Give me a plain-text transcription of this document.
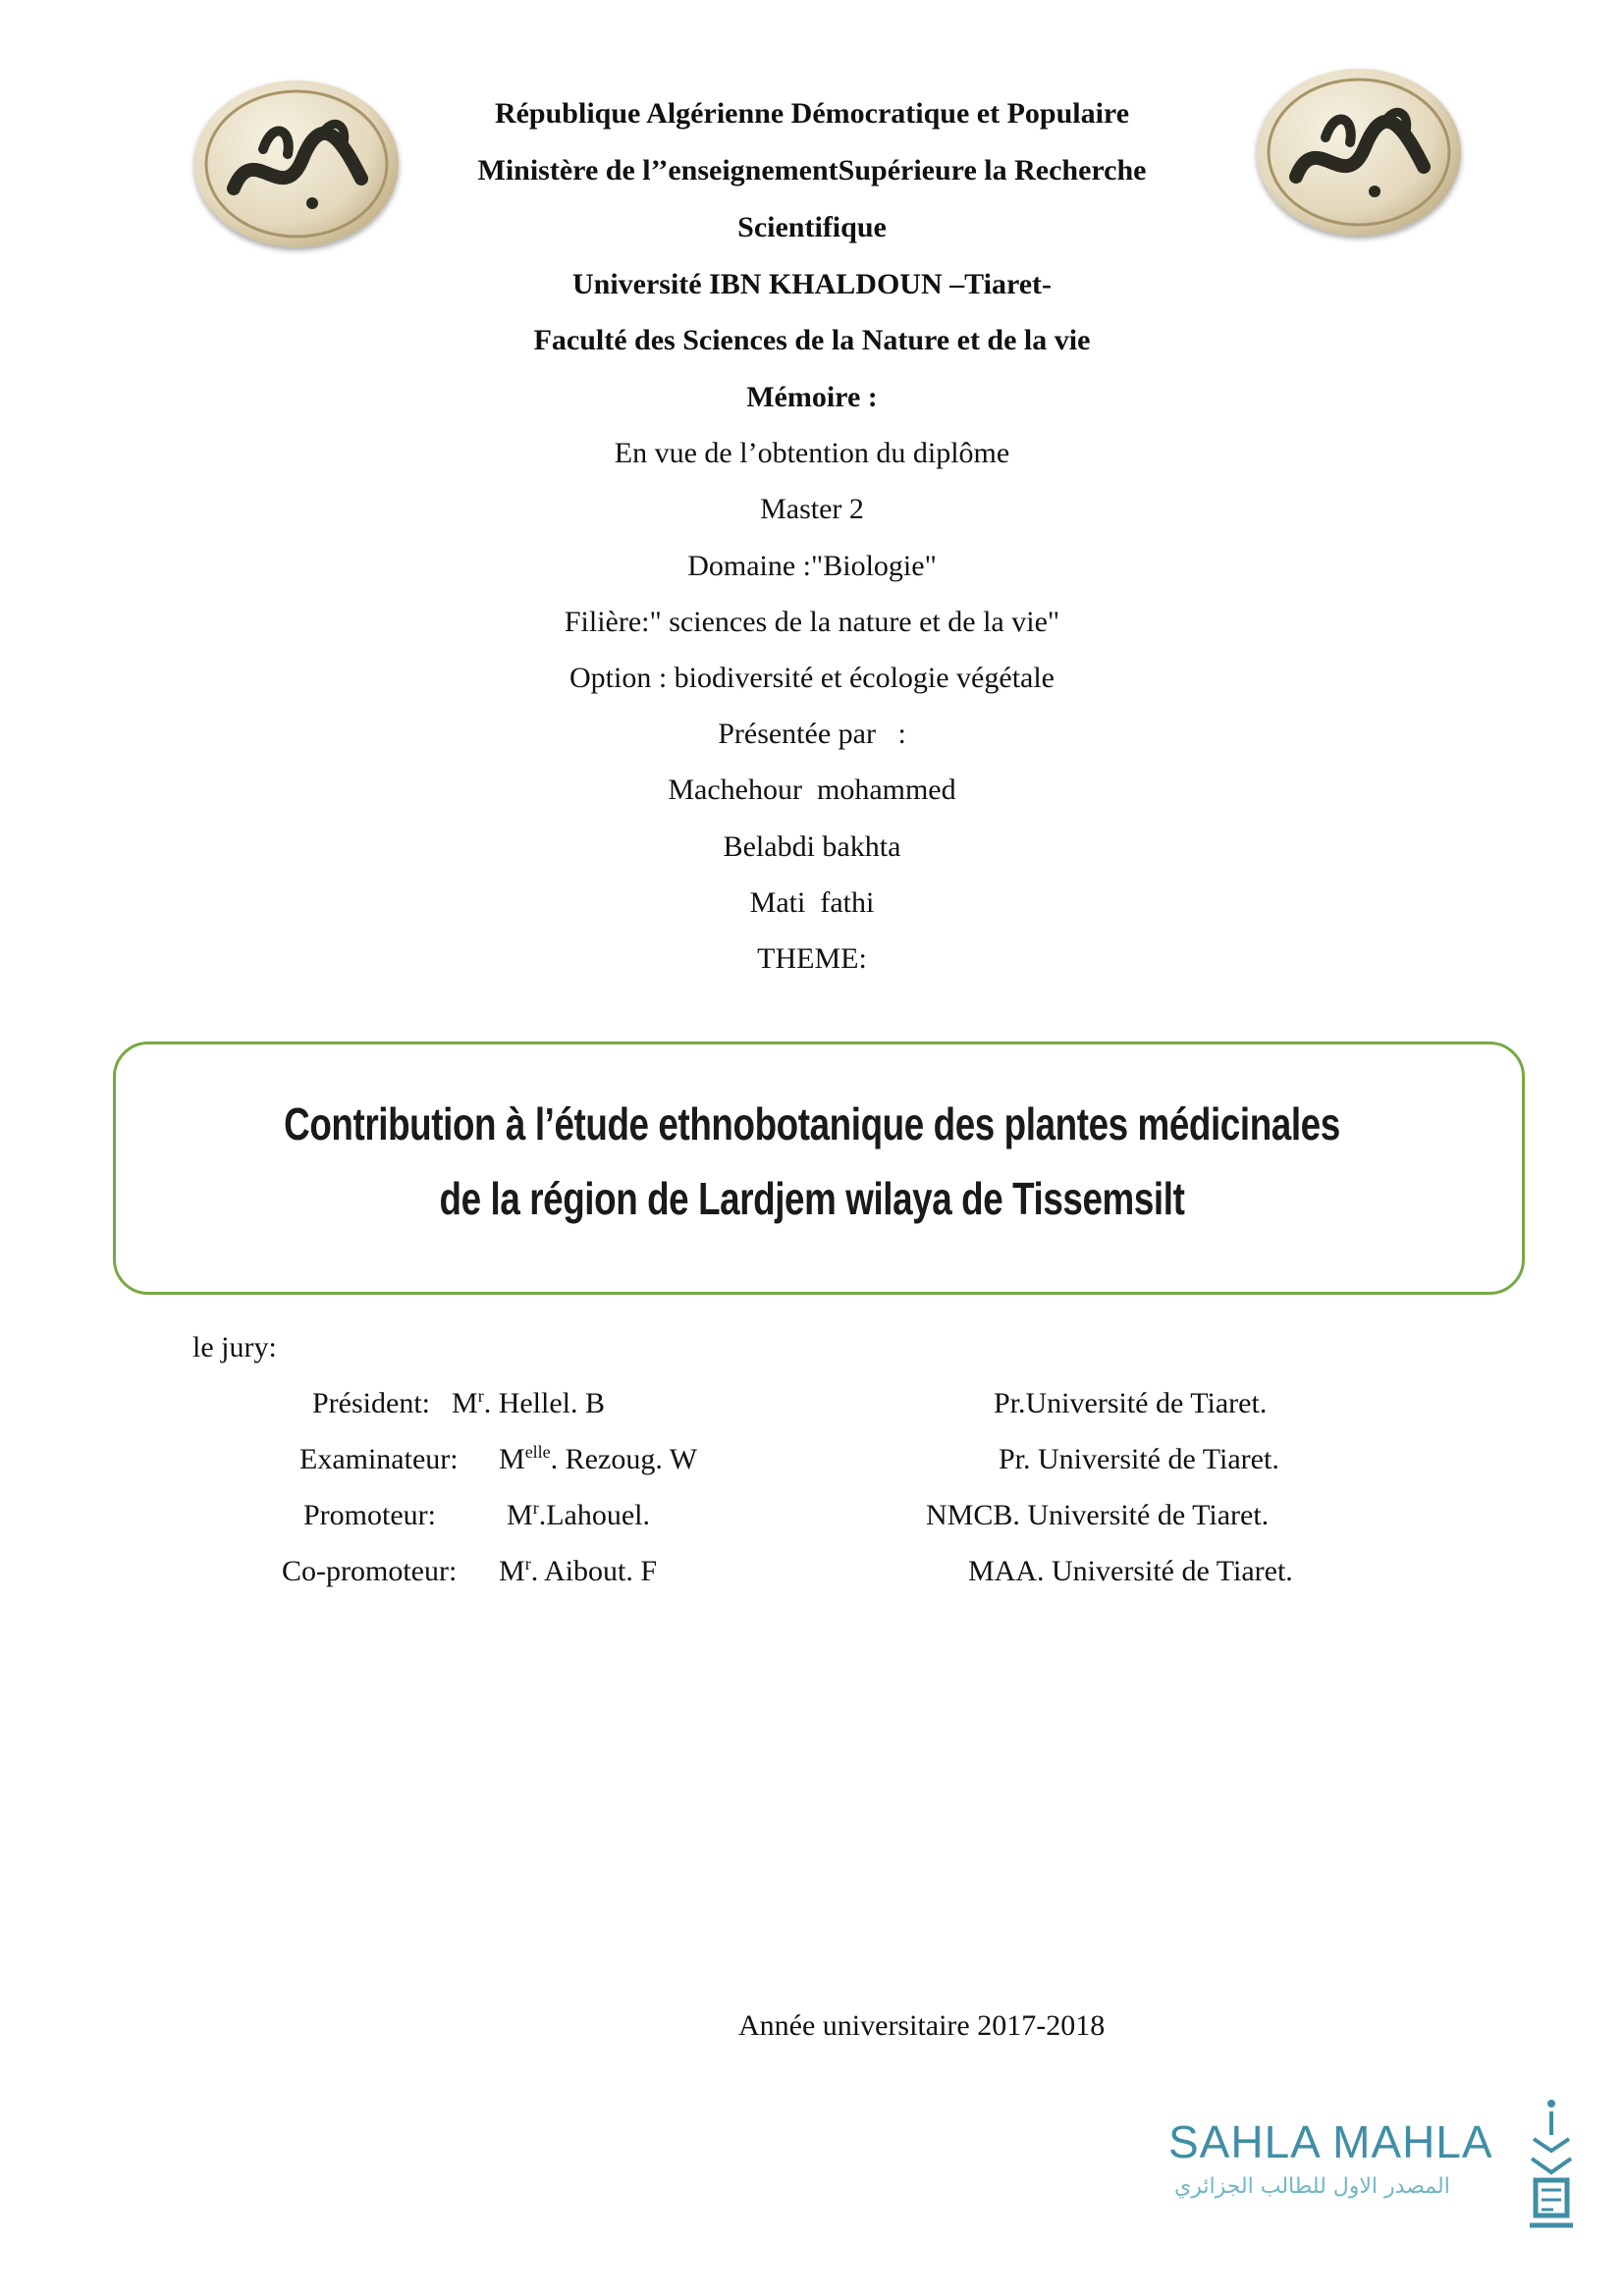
République Algérienne Démocratique et Populaire
Ministère de l’’enseignementSupérieure la Recherche
Scientifique
Université IBN KHALDOUN –Tiaret-
Faculté des Sciences de la Nature et de la vie
Mémoire :
En vue de l’obtention du diplôme
Master 2
Domaine :"Biologie"
Filière:" sciences de la nature et de la vie"
Option : biodiversité et écologie végétale
Présentée par   :
Machehour  mohammed
Belabdi bakhta
Mati  fathi
THEME:
Contribution à l’étude ethnobotanique des plantes médicinales
de la région de Lardjem wilaya de Tissemsilt
le jury:
Président: $M^r$. Hellel. B	Pr.Université de Tiaret.
Examinateur: $M^{elle}$. Rezoug. W	Pr. Université de Tiaret.
Promoteur: $M^r.Lahouel$.	NMCB. Université de Tiaret.
Co-promoteur: $M^r$. Aibout. F	MAA. Université de Tiaret.
Année universitaire 2017-2018
SAHLA MAHLA
المصدر الاول للطالب الجزائري
